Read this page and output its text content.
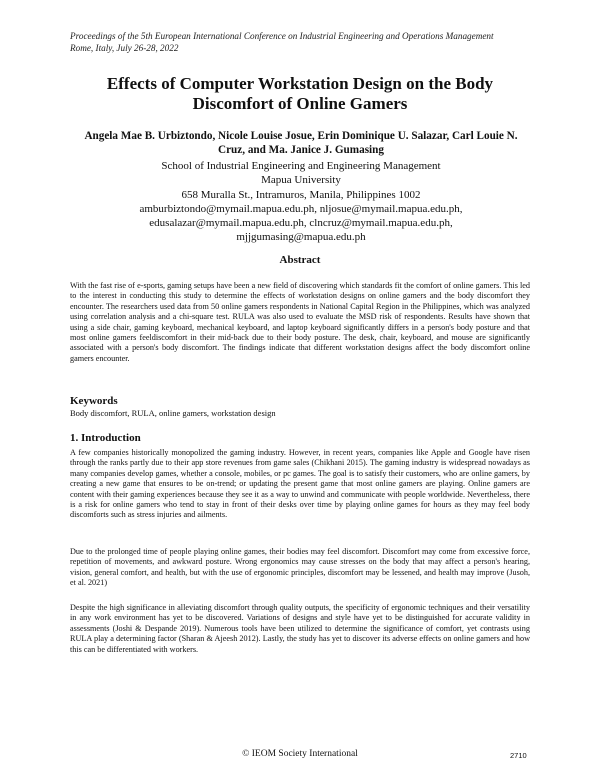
Proceedings of the 5th European International Conference on Industrial Engineering and Operations Management
Rome, Italy, July 26-28, 2022
Effects of Computer Workstation Design on the Body
Discomfort of Online Gamers
Angela Mae B. Urbiztondo, Nicole Louise Josue, Erin Dominique U. Salazar, Carl Louie N.
Cruz, and Ma. Janice J. Gumasing
School of Industrial Engineering and Engineering Management
Mapua University
658 Muralla St., Intramuros, Manila, Philippines 1002
amburbiztondo@mymail.mapua.edu.ph, nljosue@mymail.mapua.edu.ph,
edusalazar@mymail.mapua.edu.ph, clncruz@mymail.mapua.edu.ph,
mjjgumasing@mapua.edu.ph
Abstract
With the fast rise of e-sports, gaming setups have been a new field of discovering which standards fit the comfort of online gamers. This led to the interest in conducting this study to determine the effects of workstation designs on online gamers and the body discomfort they encounter. The researchers used data from 50 online gamers respondents in National Capital Region in the Philippines, which was analyzed using correlation analysis and a chi-square test. RULA was also used to evaluate the MSD risk of respondents. Results have shown that using a side chair, gaming keyboard, mechanical keyboard, and laptop keyboard significantly differs in a person's body posture and that most online gamers feeldiscomfort in their mid-back due to their body posture. The desk, chair, keyboard, and mouse are significantly associated with a person's body discomfort. The findings indicate that different workstation designs affect the body discomfort online gamers encounter.
Keywords
Body discomfort, RULA, online gamers, workstation design
1. Introduction
A few companies historically monopolized the gaming industry. However, in recent years, companies like Apple and Google have risen through the ranks partly due to their app store revenues from game sales (Chikhani 2015). The gaming industry is widespread nowadays as many companies develop games, whether a console, mobiles, or pc games. The goal is to satisfy their customers, who are online gamers, by creating a new game that ensures to be on-trend; or updating the present game that most online gamers are playing. Online gamers are content with their gaming experiences because they see it as a way to unwind and communicate with people worldwide. Nevertheless, there is a risk for online gamers who tend to stay in front of their desks over time by playing online games for hours as they may feel body discomforts such as stress injuries and ailments.
Due to the prolonged time of people playing online games, their bodies may feel discomfort. Discomfort may come from excessive force, repetition of movements, and awkward posture. Wrong ergonomics may cause stresses on the body that may affect a person's hearing, vision, general comfort, and health, but with the use of ergonomic principles, discomfort may be lessened, and health may improve (Jusoh, et al. 2021)
Despite the high significance in alleviating discomfort through quality outputs, the specificity of ergonomic techniques and their versatility in any work environment has yet to be discovered. Variations of designs and style have yet to be distinguished for accurate validity in assessments (Joshi & Despande 2019). Numerous tools have been utilized to determine the significance of comfort, yet contrasts using RULA play a determining factor (Sharan & Ajeesh 2012). Lastly, the study has yet to discover its adverse effects on online gamers and how this can be differentiated with workers.
© IEOM Society International	2710
